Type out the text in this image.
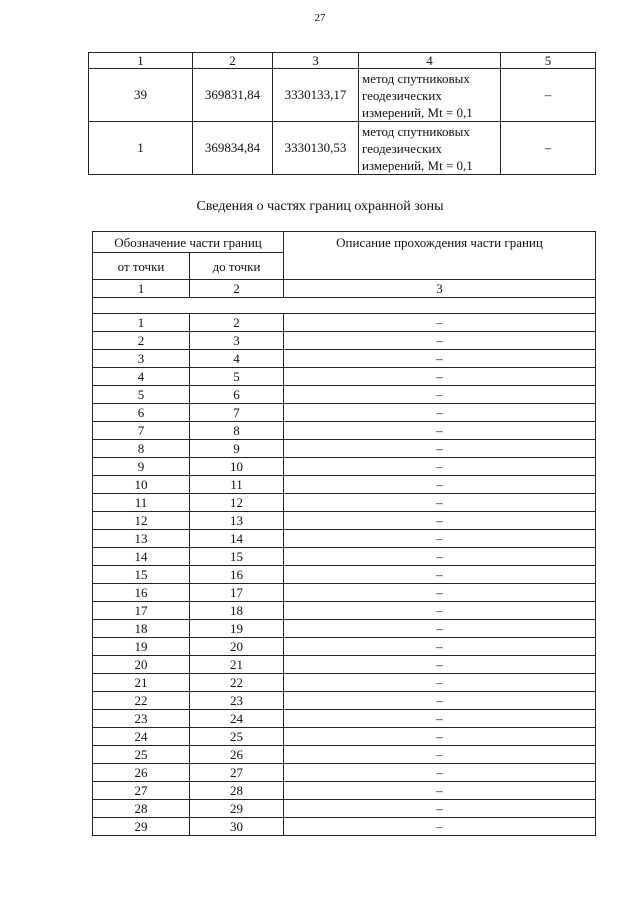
27
1	2	3	4	5
39	369831,84	3330133,17	метод спутниковых
геодезических
измерений, Mt = 0,1	–
1	369834,84	3330130,53	метод спутниковых
геодезических
измерений, Mt = 0,1	–
Сведения о частях границ охранной зоны
Обозначение части границ		Описание прохождения части границ
от точки	до точки	
1	2	3

1	2	–
2	3	–
3	4	–
4	5	–
5	6	–
6	7	–
7	8	–
8	9	–
9	10	–
10	11	–
11	12	–
12	13	–
13	14	–
14	15	–
15	16	–
16	17	–
17	18	–
18	19	–
19	20	–
20	21	–
21	22	–
22	23	–
23	24	–
24	25	–
25	26	–
26	27	–
27	28	–
28	29	–
29	30	–
